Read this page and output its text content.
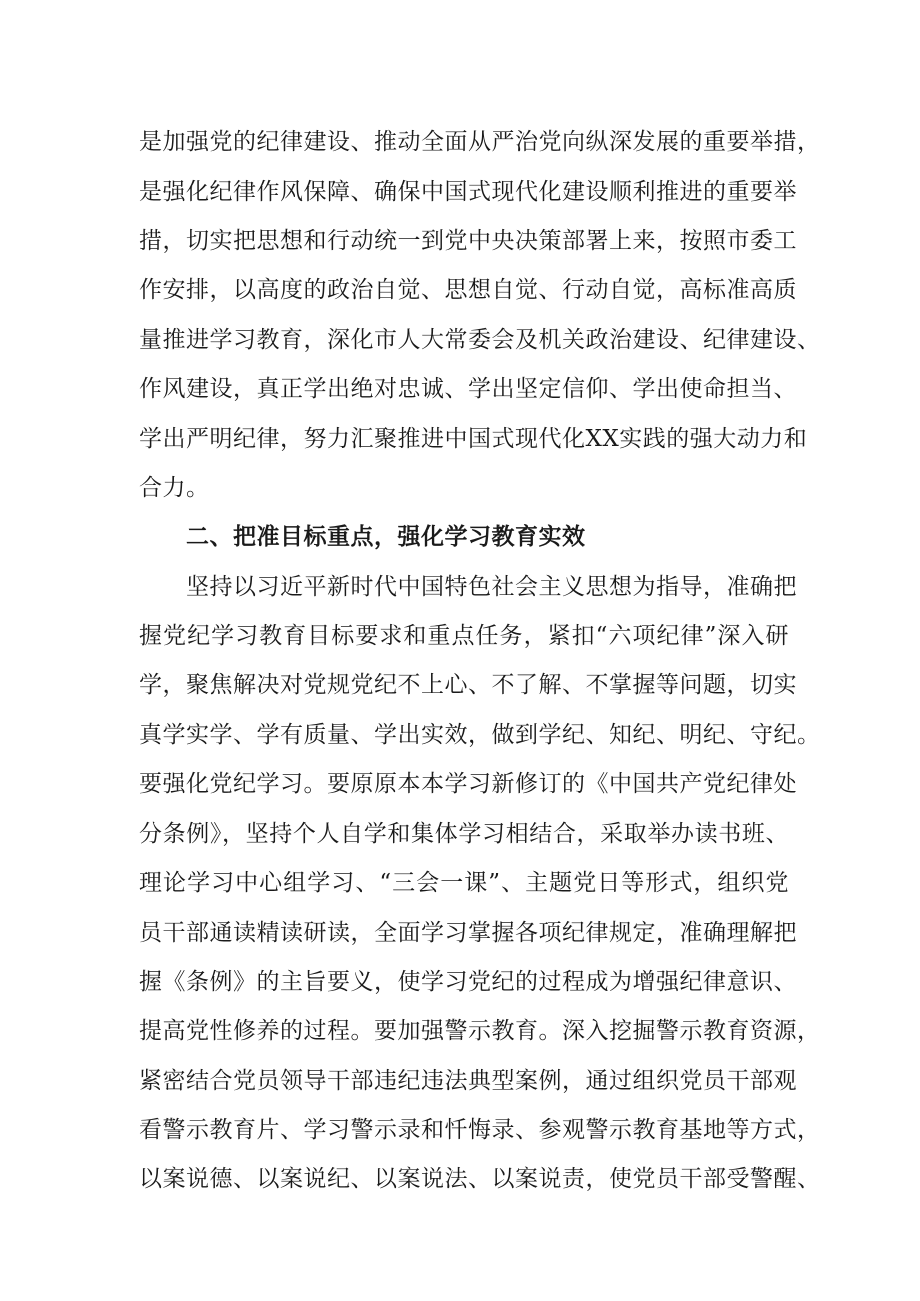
是加强党的纪律建设、推动全面从严治党向纵深发展的重要举措，
是强化纪律作风保障、确保中国式现代化建设顺利推进的重要举
措，切实把思想和行动统一到党中央决策部署上来，按照市委工
作安排，以高度的政治自觉、思想自觉、行动自觉，高标准高质
量推进学习教育，深化市人大常委会及机关政治建设、纪律建设、
作风建设，真正学出绝对忠诚、学出坚定信仰、学出使命担当、
学出严明纪律，努力汇聚推进中国式现代化XX实践的强大动力和
合力。
二、把准目标重点，强化学习教育实效
坚持以习近平新时代中国特色社会主义思想为指导，准确把
握党纪学习教育目标要求和重点任务，紧扣“六项纪律”深入研
学，聚焦解决对党规党纪不上心、不了解、不掌握等问题，切实
真学实学、学有质量、学出实效，做到学纪、知纪、明纪、守纪。
要强化党纪学习。要原原本本学习新修订的《中国共产党纪律处
分条例》，坚持个人自学和集体学习相结合，采取举办读书班、
理论学习中心组学习、“三会一课”、主题党日等形式，组织党
员干部通读精读研读，全面学习掌握各项纪律规定，准确理解把
握《条例》的主旨要义，使学习党纪的过程成为增强纪律意识、
提高党性修养的过程。要加强警示教育。深入挖掘警示教育资源，
紧密结合党员领导干部违纪违法典型案例，通过组织党员干部观
看警示教育片、学习警示录和忏悔录、参观警示教育基地等方式，
以案说德、以案说纪、以案说法、以案说责，使党员干部受警醒、
